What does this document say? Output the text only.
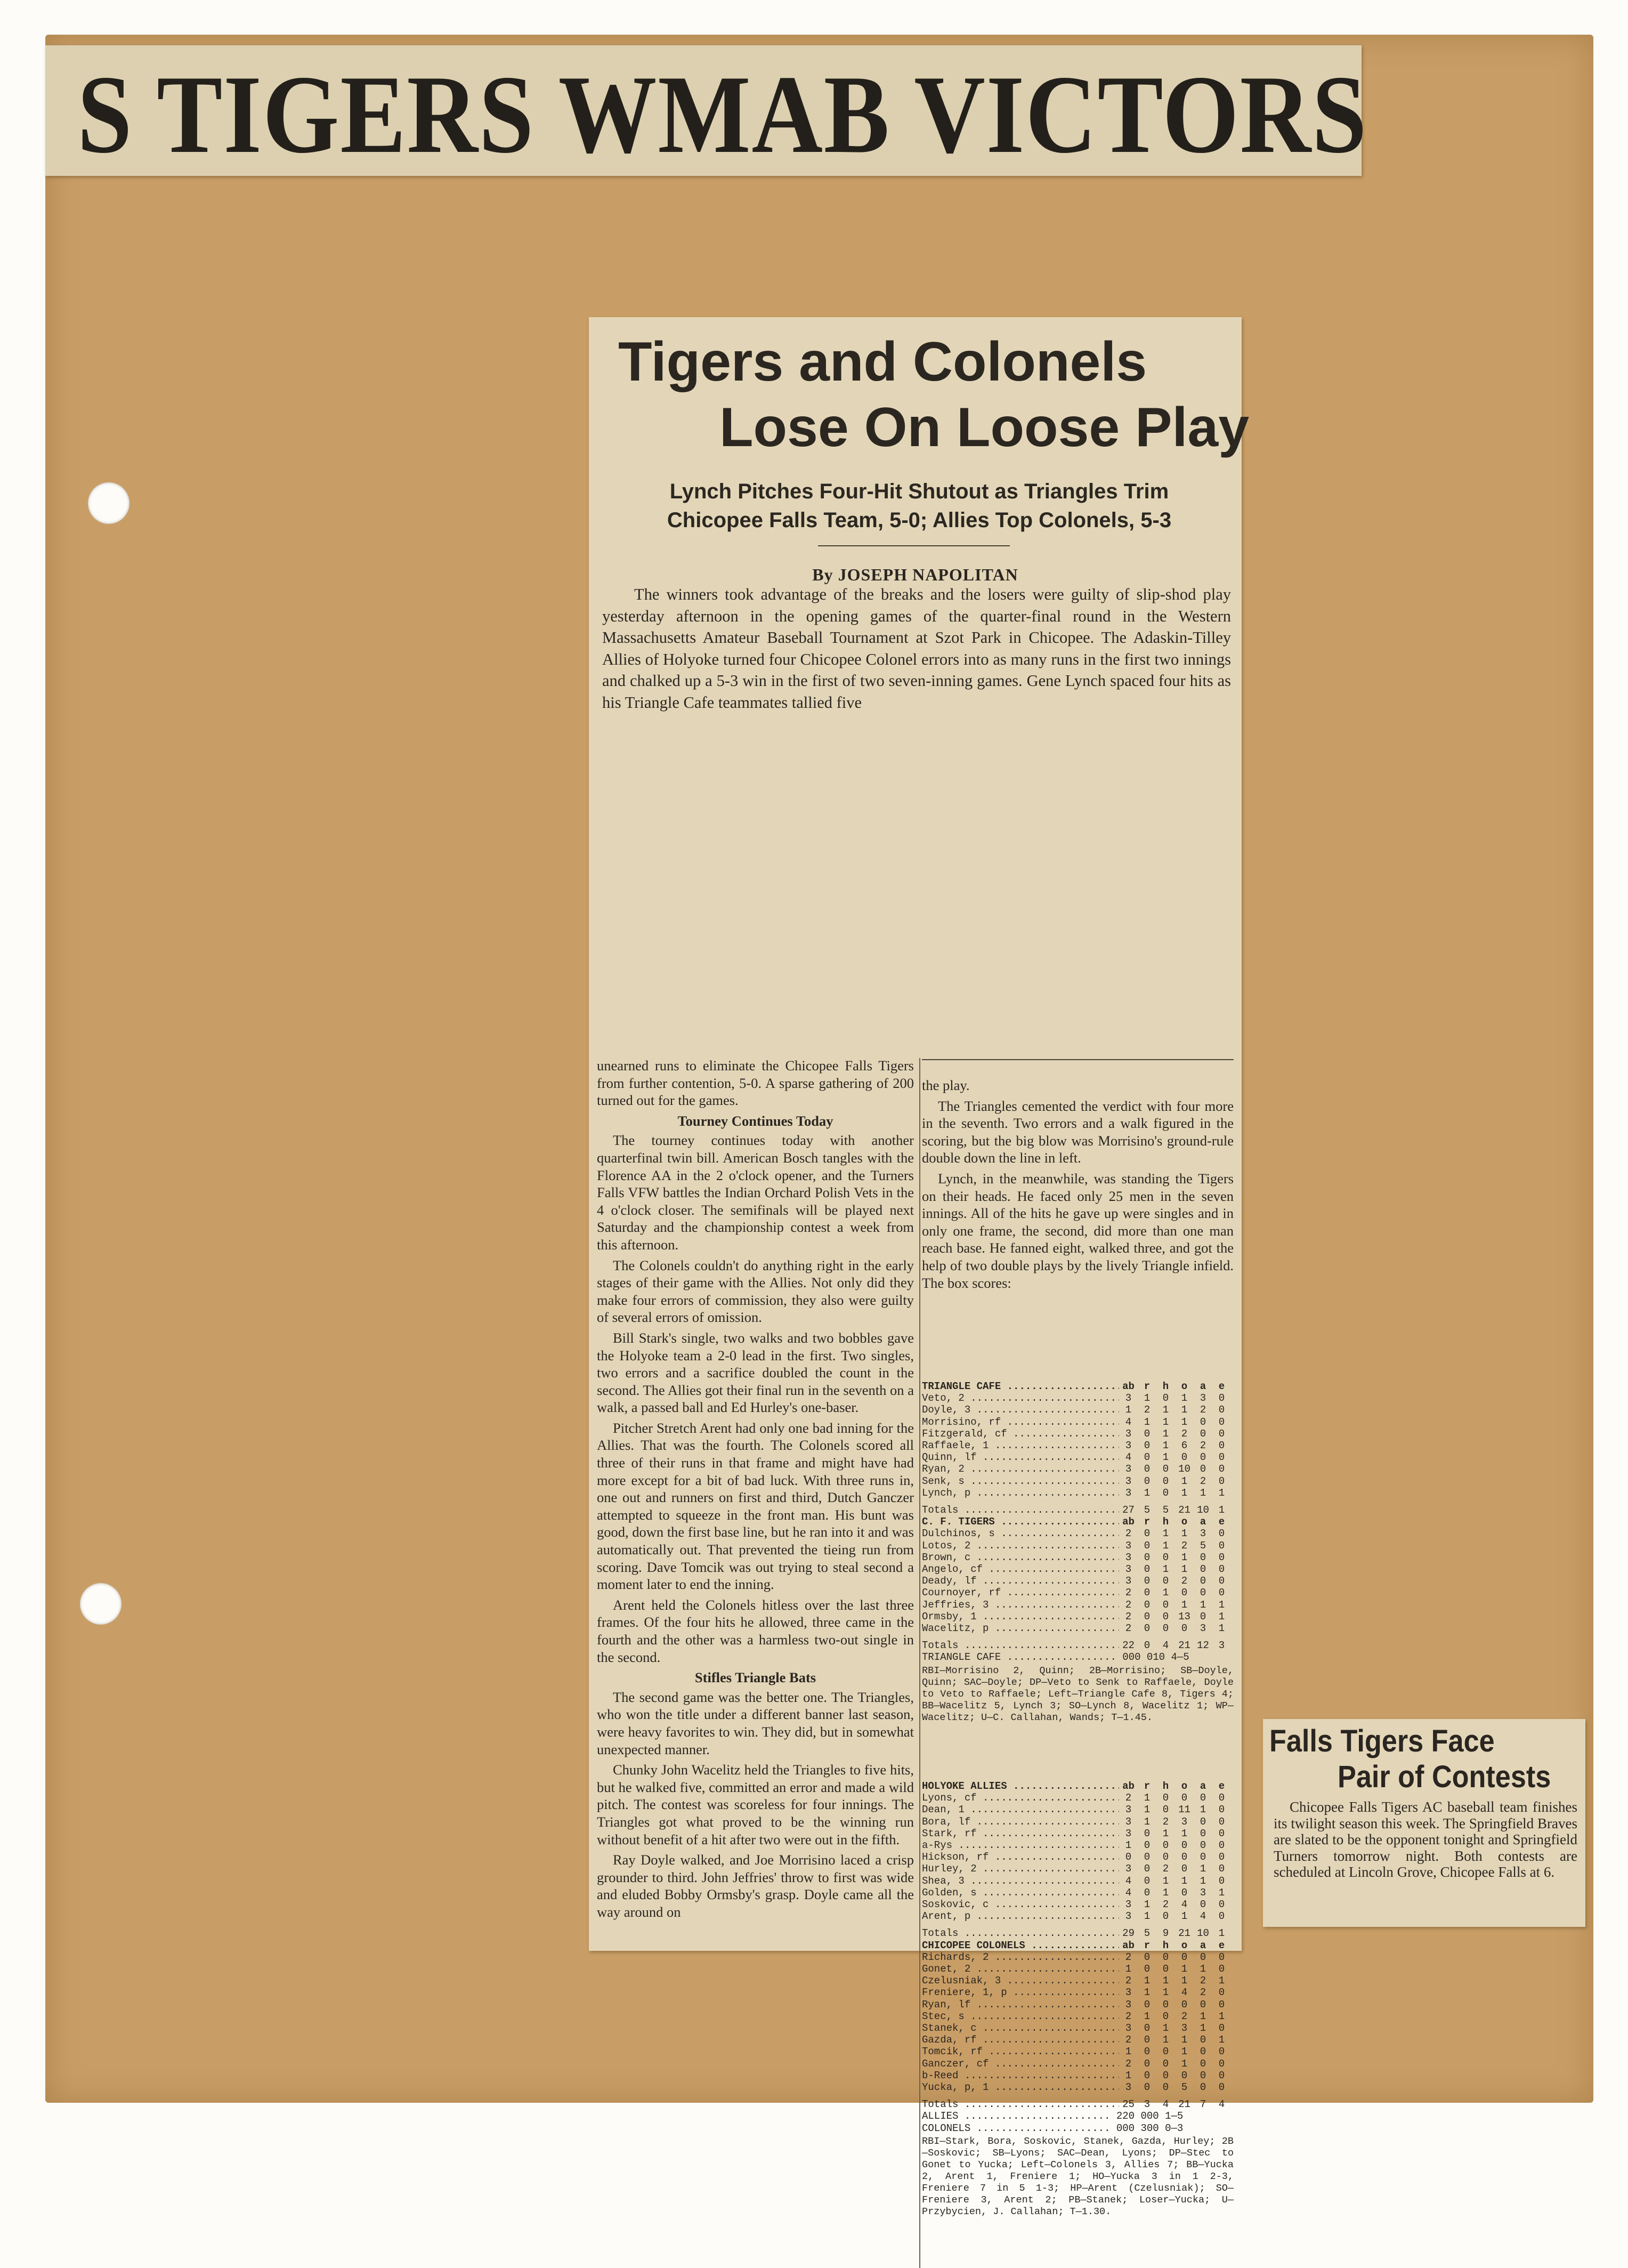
S TIGERS WMAB VICTORS
Tigers and Colonels
Lose On Loose Play
Lynch Pitches Four-Hit Shutout as Triangles Trim
Chicopee Falls Team, 5-0; Allies Top Colonels, 5-3
By JOSEPH NAPOLITAN
The winners took advantage of the breaks and the losers were guilty of slip-shod play yesterday afternoon in the opening games of the quarter-final round in the Western Massachusetts Amateur Baseball Tournament at Szot Park in Chicopee. The Adaskin-Tilley Allies of Holyoke turned four Chicopee Colonel errors into as many runs in the first two innings and chalked up a 5-3 win in the first of two seven-inning games. Gene Lynch spaced four hits as his Triangle Cafe teammates tallied five

unearned runs to eliminate the Chicopee Falls Tigers from further contention, 5-0. A sparse gathering of 200 turned out for the games.

Tourney Continues Today

The tourney continues today with another quarterfinal twin bill. American Bosch tangles with the Florence AA in the 2 o'clock opener, and the Turners Falls VFW battles the Indian Orchard Polish Vets in the 4 o'clock closer. The semifinals will be played next Saturday and the championship contest a week from this afternoon.

The Colonels couldn't do anything right in the early stages of their game with the Allies. Not only did they make four errors of commission, they also were guilty of several errors of omission.

Bill Stark's single, two walks and two bobbles gave the Holyoke team a 2-0 lead in the first. Two singles, two errors and a sacrifice doubled the count in the second. The Allies got their final run in the seventh on a walk, a passed ball and Ed Hurley's one-baser.

Pitcher Stretch Arent had only one bad inning for the Allies. That was the fourth. The Colonels scored all three of their runs in that frame and might have had more except for a bit of bad luck. With three runs in, one out and runners on first and third, Dutch Ganczer attempted to squeeze in the front man. His bunt was good, down the first base line, but he ran into it and was automatically out. That prevented the tieing run from scoring. Dave Tomcik was out trying to steal second a moment later to end the inning.

Arent held the Colonels hitless over the last three frames. Of the four hits he allowed, three came in the fourth and the other was a harmless two-out single in the second.

Stifles Triangle Bats

The second game was the better one. The Triangles, who won the title under a different banner last season, were heavy favorites to win. They did, but in somewhat unexpected manner.

Chunky John Wacelitz held the Triangles to five hits, but he walked five, committed an error and made a wild pitch. The contest was scoreless for four innings. The Triangles got what proved to be the winning run without benefit of a hit after two were out in the fifth.

Ray Doyle walked, and Joe Morrisino laced a crisp grounder to third. John Jeffries' throw to first was wide and eluded Bobby Ormsby's grasp. Doyle came all the way around on

the play.

The Triangles cemented the verdict with four more in the seventh. Two errors and a walk figured in the scoring, but the big blow was Morrisino's ground-rule double down the line in left.

Lynch, in the meanwhile, was standing the Tigers on their heads. He faced only 25 men in the seven innings. All of the hits he gave up were singles and in only one frame, the second, did more than one man reach base. He fanned eight, walked three, and got the help of two double plays by the lively Triangle infield. The box scores:

TRIANGLE CAFE .....	ab r	h	o	a	e
Veto, 2 .....	3	1	0	1	3	0
Doyle, 3 .....	1	2	1	1	2	0
Morrisino, rf .....	4	1	1	1	0	0
Fitzgerald, cf .....	3	0	1	2	0	0
Raffaele, 1 .....	3	0	1	6	2	0
Quinn, lf .....	4	0	1	0	0	0
Ryan, 2 .....	3	0	0 10 0	0
Senk, s .....	3	0	0	1	2	0
Lynch, p .....	3	1	0	1	1	1
Totals .....	27 5	5 21 10 1
C. F. TIGERS .....	ab r	h	o	a	e
Dulchinos, s .....	2	0	1	1	3	0
Lotos, 2 .....	3	0	1	2	5	0
Brown, c .....	3	0	0	1	0	0
Angelo, cf .....	3	0	1	1	0	0
Deady, lf .....	3	0	0	2	0	0
Cournoyer, rf .....	2	0	1	0	0	0
Jeffries, 3 .....	2	0	0	1	1	1
Ormsby, 1 .....	2	0	0 13 0	1
Wacelitz, p .....	2	0	0	0	3	1
Totals .....	22 0	4 21 12 3
TRIANGLE CAFE .................. 000 010 4—5
RBI—Morrisino 2, Quinn; 2B—Morrisino; SB—Doyle, Quinn; SAC—Doyle; DP—Veto to Senk to Raffaele, Doyle to Veto to Raffaele; Left—Triangle Cafe 8, Tigers 4; BB—Wacelitz 5, Lynch 3; SO—Lynch 8, Wacelitz 1; WP—Wacelitz; U—C. Callahan, Wands; T—1.45.
HOLYOKE ALLIES .....	ab r	h	o	a	e
Lyons, cf .....	2	1	0	0	0	0
Dean, 1 .....	3	1	0 11 1	0
Bora, lf .....	3	1	2	3	0	0
Stark, rf .....	3	0	1	1	0	0
a-Rys .....	1	0	0	0	0	0
Hickson, rf .....	0	0	0	0	0	0
Hurley, 2 .....	3	0	2	0	1	0
Shea, 3 .....	4	0	1	1	1	0
Golden, s .....	4	0	1	0	3	1
Soskovic, c .....	3	1	2	4	0	0
Arent, p .....	3	1	0	1	4	0
Totals .....	29 5	9 21 10 1
CHICOPEE COLONELS .....	ab r	h	o	a	e
Richards, 2 .....	2	0	0	0	0	0
Gonet, 2 .....	1	0	0	1	1	0
Czelusniak, 3 .....	2	1	1	1	2	1
Freniere, 1, p .....	3	1	1	4	2	0
Ryan, lf .....	3	0	0	0	0	0
Stec, s .....	2	1	0	2	1	1
Stanek, c .....	3	0	1	3	1	0
Gazda, rf .....	2	0	1	1	0	1
Tomcik, rf .....	1	0	0	1	0	0
Ganczer, cf .....	2	0	0	1	0	0
b-Reed .....	1	0	0	0	0	0
Yucka, p, 1 .....	3	0	0	5	0	0
Totals .....	25 3	4 21 7	4
ALLIES ........................ 220 000 1—5
COLONELS ...................... 000 300 0—3
RBI—Stark, Bora, Soskovic, Stanek, Gazda, Hurley; 2B—Soskovic; SB—Lyons; SAC—Dean, Lyons; DP—Stec to Gonet to Yucka; Left—Colonels 3, Allies 7; BB—Yucka 2, Arent 1, Freniere 1; HO—Yucka 3 in 1 2-3, Freniere 7 in 5 1-3; HP—Arent (Czelusniak); SO—Freniere 3, Arent 2; PB—Stanek; Loser—Yucka; U—Przybycien, J. Callahan; T—1.30.
Falls Tigers Face
Pair of Contests
Chicopee Falls Tigers AC baseball team finishes its twilight season this week. The Springfield Braves are slated to be the opponent tonight and Springfield Turners tomorrow night. Both contests are scheduled at Lincoln Grove, Chicopee Falls at 6.
